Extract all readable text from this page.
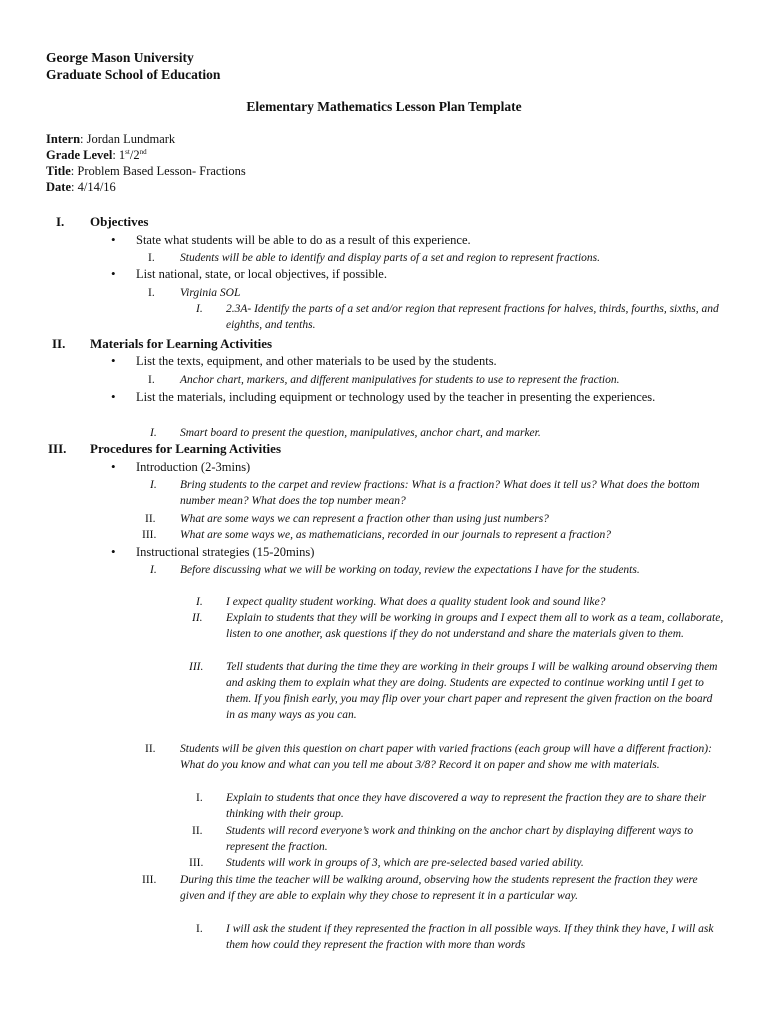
George Mason University
Graduate School of Education
Elementary Mathematics Lesson Plan Template
Intern: Jordan Lundmark
Grade Level: 1st/2nd
Title: Problem Based Lesson- Fractions
Date: 4/14/16
I. Objectives
• State what students will be able to do as a result of this experience.
I. Students will be able to identify and display parts of a set and region to represent fractions.
• List national, state, or local objectives, if possible.
I. Virginia SOL
I. 2.3A- Identify the parts of a set and/or region that represent fractions for halves, thirds, fourths, sixths, and eighths, and tenths.
II. Materials for Learning Activities
• List the texts, equipment, and other materials to be used by the students.
I. Anchor chart, markers, and different manipulatives for students to use to represent the fraction.
• List the materials, including equipment or technology used by the teacher in presenting the experiences.
I. Smart board to present the question, manipulatives, anchor chart, and marker.
III. Procedures for Learning Activities
• Introduction (2-3mins)
I. Bring students to the carpet and review fractions: What is a fraction? What does it tell us? What does the bottom number mean? What does the top number mean?
II. What are some ways we can represent a fraction other than using just numbers?
III. What are some ways we, as mathematicians, recorded in our journals to represent a fraction?
• Instructional strategies (15-20mins)
I. Before discussing what we will be working on today, review the expectations I have for the students.
I. I expect quality student working. What does a quality student look and sound like?
II. Explain to students that they will be working in groups and I expect them all to work as a team, collaborate, listen to one another, ask questions if they do not understand and share the materials given to them.
III. Tell students that during the time they are working in their groups I will be walking around observing them and asking them to explain what they are doing. Students are expected to continue working until I get to them. If you finish early, you may flip over your chart paper and represent the given fraction on the board in as many ways as you can.
II. Students will be given this question on chart paper with varied fractions (each group will have a different fraction): What do you know and what can you tell me about 3/8? Record it on paper and show me with materials.
I. Explain to students that once they have discovered a way to represent the fraction they are to share their thinking with their group.
II. Students will record everyone’s work and thinking on the anchor chart by displaying different ways to represent the fraction.
III. Students will work in groups of 3, which are pre-selected based varied ability.
III. During this time the teacher will be walking around, observing how the students represent the fraction they were given and if they are able to explain why they chose to represent it in a particular way.
I. I will ask the student if they represented the fraction in all possible ways. If they think they have, I will ask them how could they represent the fraction with more than words
